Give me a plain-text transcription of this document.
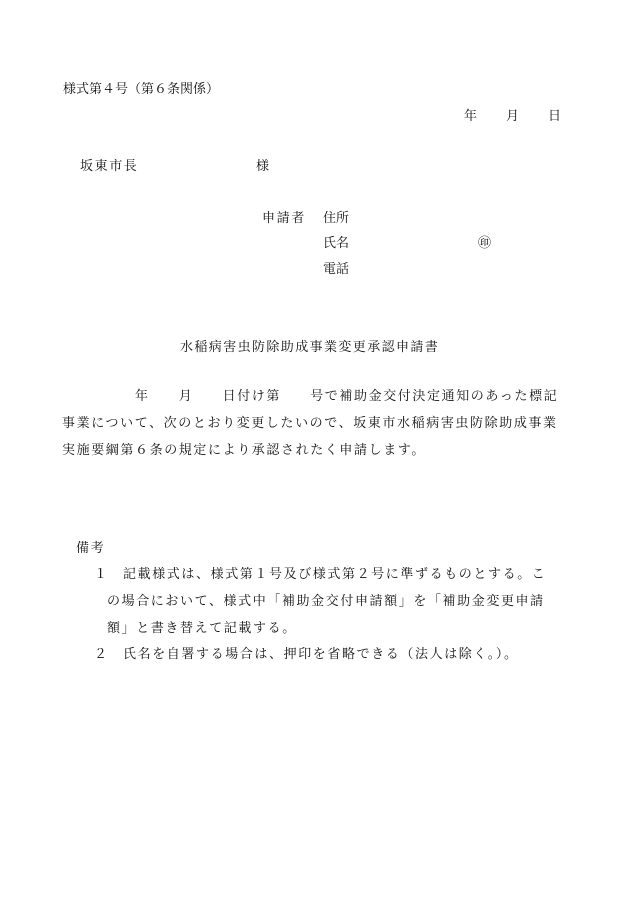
様式第４号（第６条関係）
年　　月　　日
坂東市長	様
申請者 住所
氏名	㊞
電話
水稲病害虫防除助成事業変更承認申請書
　　　　　年　　月　　日付け第　　号で補助金交付決定通知のあった標記
事業について、次のとおり変更したいので、坂東市水稲病害虫防除助成事業
実施要綱第６条の規定により承認されたく申請します。
備考
１ 記載様式は、様式第１号及び様式第２号に準ずるものとする。こ
の場合において、様式中「補助金交付申請額」を「補助金変更申請
額」と書き替えて記載する。
２ 氏名を自署する場合は、押印を省略できる（法人は除く。）。
